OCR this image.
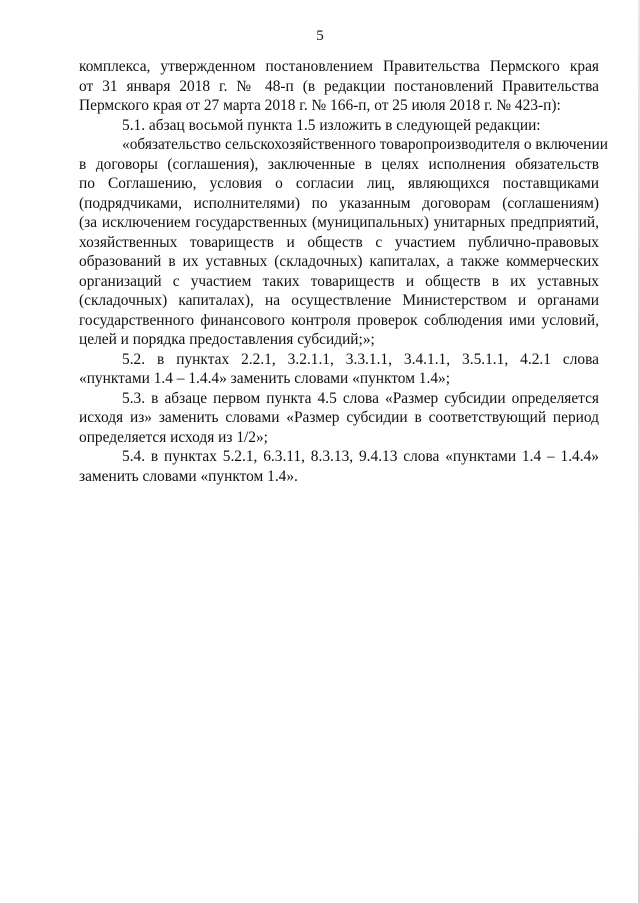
5

комплекса, утвержденном постановлением Правительства Пермского края
от 31 января 2018 г. № 48-п (в редакции постановлений Правительства
Пермского края от 27 марта 2018 г. № 166-п, от 25 июля 2018 г. № 423-п):

5.1. абзац восьмой пункта 1.5 изложить в следующей редакции:

«обязательство сельскохозяйственного товаропроизводителя о включении
в договоры (соглашения), заключенные в целях исполнения обязательств
по Соглашению, условия о согласии лиц, являющихся поставщиками
(подрядчиками, исполнителями) по указанным договорам (соглашениям)
(за исключением государственных (муниципальных) унитарных предприятий,
хозяйственных товариществ и обществ с участием публично-правовых
образований в их уставных (складочных) капиталах, а также коммерческих
организаций с участием таких товариществ и обществ в их уставных
(складочных) капиталах), на осуществление Министерством и органами
государственного финансового контроля проверок соблюдения ими условий,
целей и порядка предоставления субсидий;»;

5.2. в пунктах 2.2.1, 3.2.1.1, 3.3.1.1, 3.4.1.1, 3.5.1.1, 4.2.1 слова
«пунктами 1.4 – 1.4.4» заменить словами «пунктом 1.4»;

5.3. в абзаце первом пункта 4.5 слова «Размер субсидии определяется
исходя из» заменить словами «Размер субсидии в соответствующий период
определяется исходя из 1/2»;

5.4. в пунктах 5.2.1, 6.3.11, 8.3.13, 9.4.13 слова «пунктами 1.4 – 1.4.4»
заменить словами «пунктом 1.4».
